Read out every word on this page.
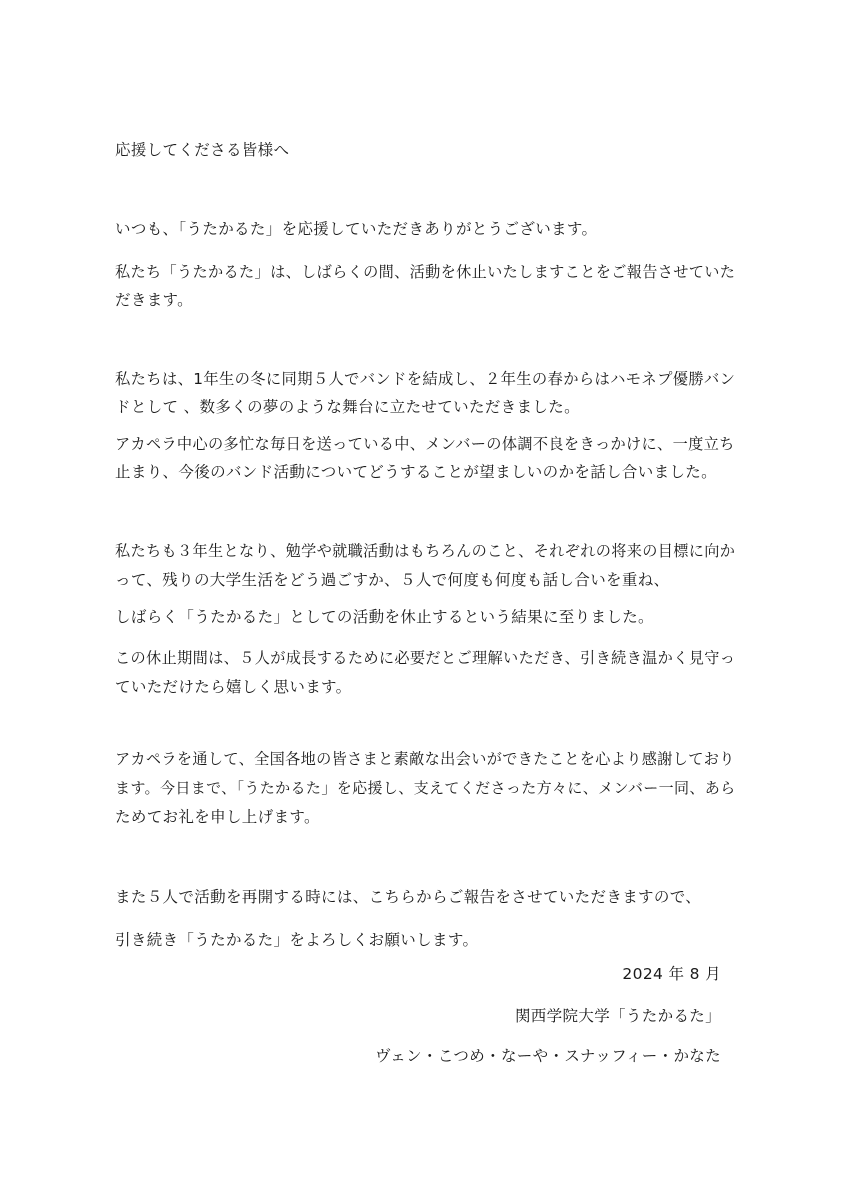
応援してくださる皆様へ

いつも、「うたかるた」を応援していただきありがとうございます。

私たち「うたかるた」は、しばらくの間、活動を休止いたしますことをご報告させていた

だきます。

私たちは、1年生の冬に同期５人でバンドを結成し、２年生の春からはハモネプ優勝バン

ドとして 、数多くの夢のような舞台に立たせていただきました。

アカペラ中心の多忙な毎日を送っている中、メンバーの体調不良をきっかけに、一度立ち

止まり、今後のバンド活動についてどうすることが望ましいのかを話し合いました。

私たちも３年生となり、勉学や就職活動はもちろんのこと、それぞれの将来の目標に向か

って、残りの大学生活をどう過ごすか、５人で何度も何度も話し合いを重ね、

しばらく「うたかるた」としての活動を休止するという結果に至りました。

この休止期間は、５人が成長するために必要だとご理解いただき、引き続き温かく見守っ

ていただけたら嬉しく思います。

アカペラを通して、全国各地の皆さまと素敵な出会いができたことを心より感謝しており

ます。今日まで、「うたかるた」を応援し、支えてくださった方々に、メンバー一同、あら

ためてお礼を申し上げます。

また５人で活動を再開する時には、こちらからご報告をさせていただきますので、

引き続き「うたかるた」をよろしくお願いします。

2024 年 8 月

関西学院大学「うたかるた」

ヴェン・こつめ・なーや・スナッフィー・かなた
